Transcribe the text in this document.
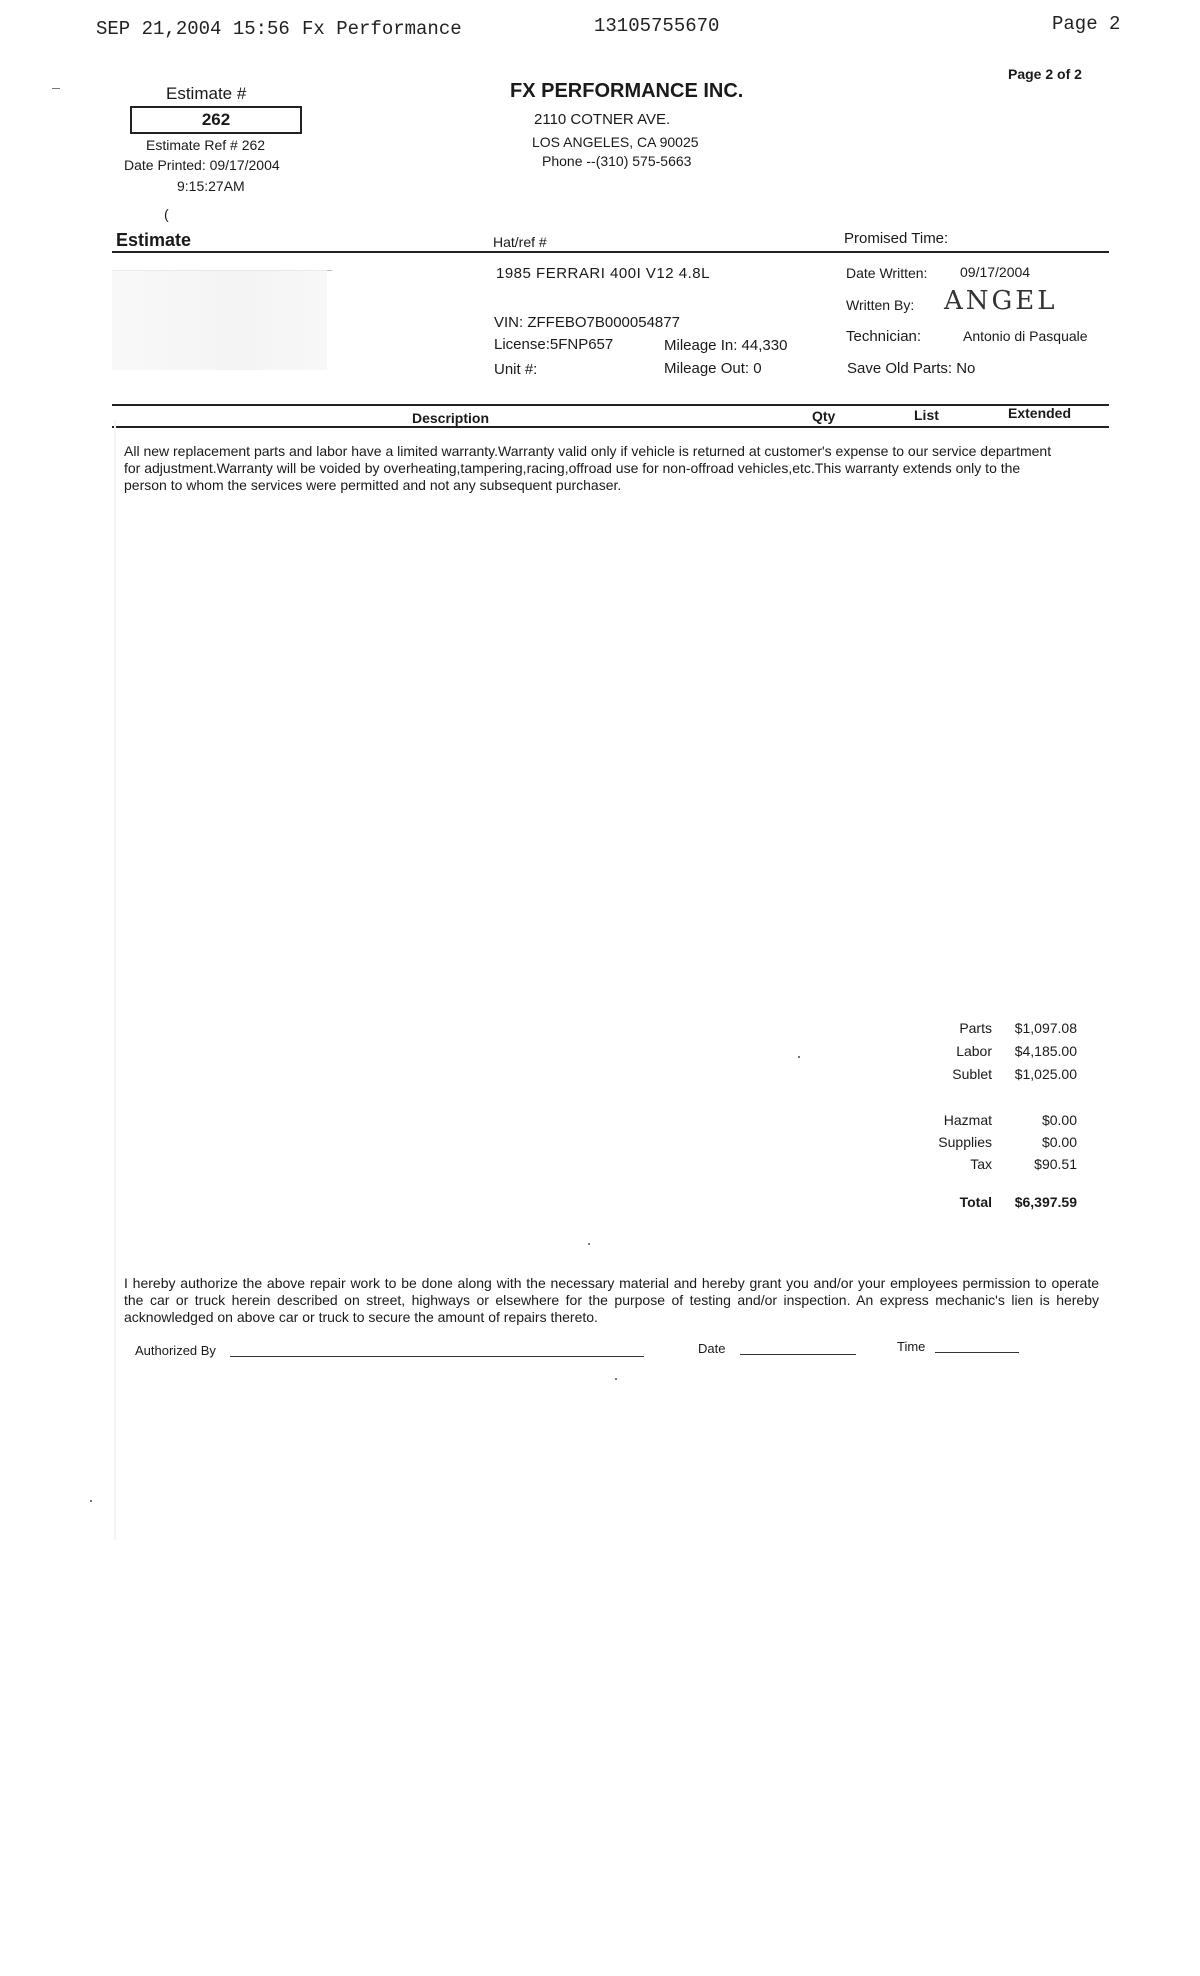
SEP 21,2004 15:56 Fx Performance	13105755670	Page 2
Page 2 of 2
Estimate #
262
Estimate Ref # 262
Date Printed: 09/17/2004
9:15:27AM
(
FX PERFORMANCE INC.
2110 COTNER AVE.
LOS ANGELES, CA 90025
Phone --(310) 575-5663
Estimate	Hat/ref #	Promised Time:
1985 FERRARI 400I V12 4.8L
VIN: ZFFEBO7B000054877
License:5FNP657
Unit #:
Mileage In: 44,330
Mileage Out: 0
Date Written: 09/17/2004
Written By: ANGEL
Technician:	Antonio di Pasquale
Save Old Parts: No
Description	Qty	List	Extended
All new replacement parts and labor have a limited warranty.Warranty valid only if vehicle is returned at customer's expense to our service department for adjustment.Warranty will be voided by overheating,tampering,racing,offroad use for non-offroad vehicles,etc.This warranty extends only to the person to whom the services were permitted and not any subsequent purchaser.
Parts	$1,097.08
Labor	$4,185.00
Sublet	$1,025.00
Hazmat	$0.00
Supplies	$0.00
Tax	$90.51
Total	$6,397.59
I hereby authorize the above repair work to be done along with the necessary material and hereby grant you and/or your employees permission to operate the car or truck herein described on street, highways or elsewhere for the purpose of testing and/or inspection. An express mechanic's lien is hereby acknowledged on above car or truck to secure the amount of repairs thereto.
Authorized By	Date	Time
